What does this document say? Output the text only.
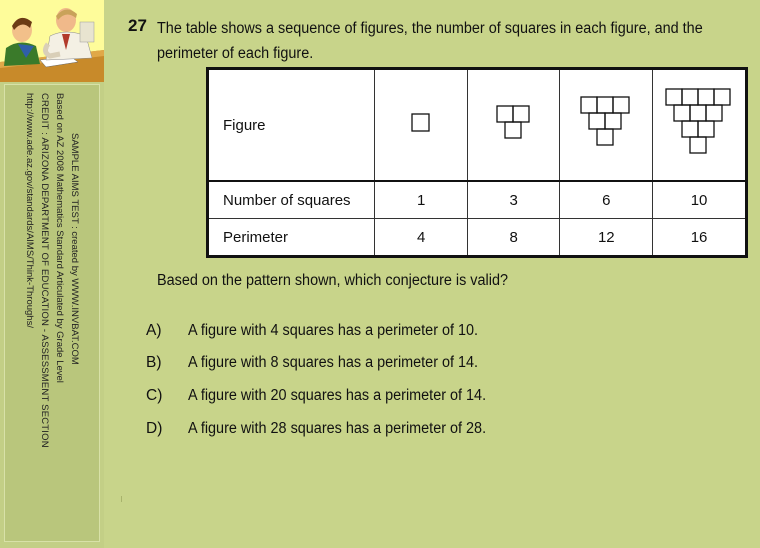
SAMPLE AIMS TEST : created by WWW.INVBAT.COM
Based on AZ 2008 Mathematics Standard Articulated by Grade Level
CREDIT : ARIZONA DEPARTMENT OF EDUCATION - ASSESSMENT SECTION
http://www.ade.az.gov/standards/AIMS/Think-Throughs/
27 The table shows a sequence of figures, the number of squares in each figure, and the perimeter of each figure.
Figure				
Number of squares	1	3	6	10
Perimeter	4	8	12	16
Based on the pattern shown, which conjecture is valid?
A) A figure with 4 squares has a perimeter of 10.
B) A figure with 8 squares has a perimeter of 14.
C) A figure with 20 squares has a perimeter of 14.
D) A figure with 28 squares has a perimeter of 28.
